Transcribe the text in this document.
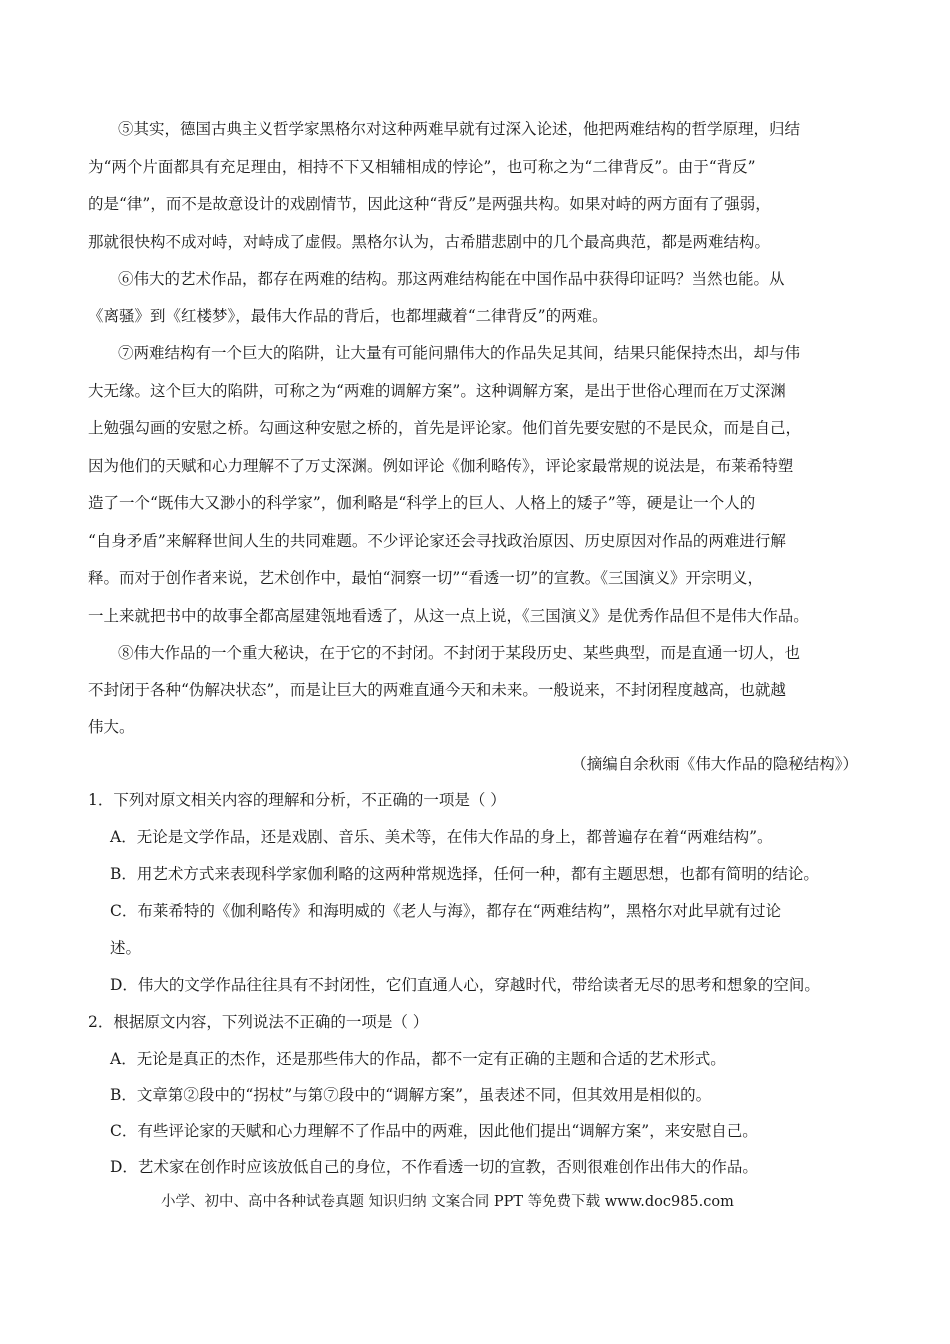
⑤其实，德国古典主义哲学家黑格尔对这种两难早就有过深入论述，他把两难结构的哲学原理，归结
为“两个片面都具有充足理由，相持不下又相辅相成的悖论”，也可称之为“二律背反”。由于“背反”
的是“律”，而不是故意设计的戏剧情节，因此这种“背反”是两强共构。如果对峙的两方面有了强弱，
那就很快构不成对峙，对峙成了虚假。黑格尔认为，古希腊悲剧中的几个最高典范，都是两难结构。
⑥伟大的艺术作品，都存在两难的结构。那这两难结构能在中国作品中获得印证吗？当然也能。从
《离骚》到《红楼梦》，最伟大作品的背后，也都埋藏着“二律背反”的两难。
⑦两难结构有一个巨大的陷阱，让大量有可能问鼎伟大的作品失足其间，结果只能保持杰出，却与伟
大无缘。这个巨大的陷阱，可称之为“两难的调解方案”。这种调解方案，是出于世俗心理而在万丈深渊
上勉强勾画的安慰之桥。勾画这种安慰之桥的，首先是评论家。他们首先要安慰的不是民众，而是自己，
因为他们的天赋和心力理解不了万丈深渊。例如评论《伽利略传》，评论家最常规的说法是，布莱希特塑
造了一个“既伟大又渺小的科学家”，伽利略是“科学上的巨人、人格上的矮子”等，硬是让一个人的
“自身矛盾”来解释世间人生的共同难题。不少评论家还会寻找政治原因、历史原因对作品的两难进行解
释。而对于创作者来说，艺术创作中，最怕“洞察一切”“看透一切”的宣教。《三国演义》开宗明义，
一上来就把书中的故事全都高屋建瓴地看透了，从这一点上说，《三国演义》是优秀作品但不是伟大作品。
⑧伟大作品的一个重大秘诀，在于它的不封闭。不封闭于某段历史、某些典型，而是直通一切人，也
不封闭于各种“伪解决状态”，而是让巨大的两难直通今天和未来。一般说来，不封闭程度越高，也就越
伟大。
（摘编自余秋雨《伟大作品的隐秘结构》）
1．下列对原文相关内容的理解和分析，不正确的一项是（ ）
A．无论是文学作品，还是戏剧、音乐、美术等，在伟大作品的身上，都普遍存在着“两难结构”。
B．用艺术方式来表现科学家伽利略的这两种常规选择，任何一种，都有主题思想，也都有简明的结论。
C．布莱希特的《伽利略传》和海明威的《老人与海》，都存在“两难结构”，黑格尔对此早就有过论
述。
D．伟大的文学作品往往具有不封闭性，它们直通人心，穿越时代，带给读者无尽的思考和想象的空间。
2．根据原文内容，下列说法不正确的一项是（ ）
A．无论是真正的杰作，还是那些伟大的作品，都不一定有正确的主题和合适的艺术形式。
B．文章第②段中的“拐杖”与第⑦段中的“调解方案”，虽表述不同，但其效用是相似的。
C．有些评论家的天赋和心力理解不了作品中的两难，因此他们提出“调解方案”，来安慰自己。
D．艺术家在创作时应该放低自己的身位，不作看透一切的宣教，否则很难创作出伟大的作品。
小学、初中、高中各种试卷真题 知识归纳 文案合同 PPT 等免费下载 www.doc985.com
